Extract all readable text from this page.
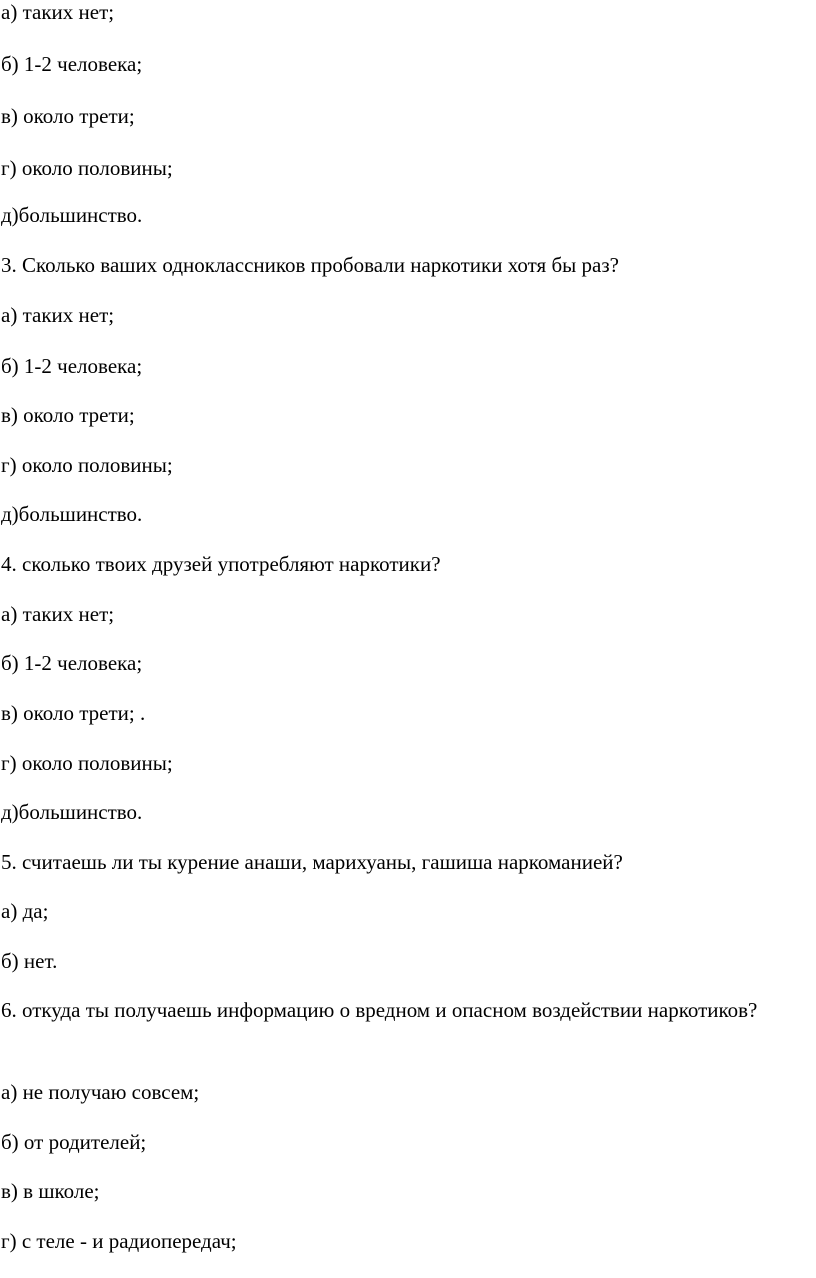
а) таких нет;
б) 1-2 человека;
в) около трети;
г) около половины;
д)большинство.
3. Сколько ваших одноклассников пробовали наркотики хотя бы раз?
а) таких нет;
б) 1-2 человека;
в) около трети;
г) около половины;
д)большинство.
4. сколько твоих друзей употребляют наркотики?
а) таких нет;
б) 1-2 человека;
в) около трети; .
г) около половины;
д)большинство.
5. считаешь ли ты курение анаши, марихуаны, гашиша наркоманией?
а) да;
б) нет.
6. откуда ты получаешь информацию о вредном и опасном воздействии наркотиков?
а) не получаю совсем;
б) от родителей;
в) в школе;
г) с теле - и радиопередач;
